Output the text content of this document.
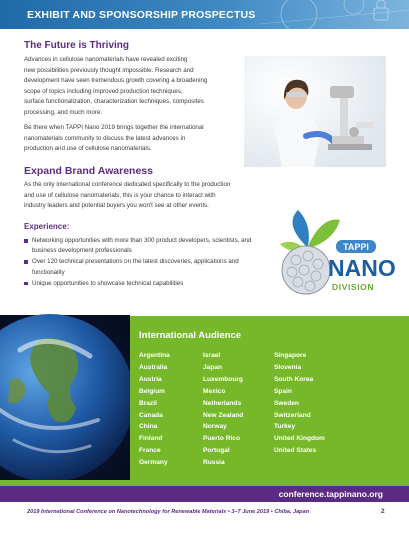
EXHIBIT AND SPONSORSHIP PROSPECTUS
The Future is Thriving

Advances in cellulose nanomaterials have revealed exciting
new possibilities previously thought impossible. Research and
development have seen tremendous growth covering a broadening
scope of topics including improved production techniques,
surface functionalization, characterization techniques, composites
processing, and much more.

Be there when TAPPI Nano 2019 brings together the international
nanomaterials community to discuss the latest advances in
production and use of cellulose nanomaterials.

Expand Brand Awareness

As the only international conference dedicated specifically to the production
and use of cellulose nanomaterials, this is your chance to interact with
industry leaders and potential buyers you won't see at other events.

Experience:
Networking opportunities with more than 300 product developers, scientists, and business development professionals
Over 120 technical presentations on the latest discoveries, applications and functionality
Unique opportunities to showcase technical capabilities
TAPPI
NANO
DIVISION
International Audience
Argentina
Australia
Austria
Belgium
Brazil
Canada
China
Finland
France
Germany
Israel
Japan
Luxembourg
Mexico
Netherlands
New Zealand
Norway
Puerto Rico
Portugal
Russia
Singapore
Slovenia
South Korea
Spain
Sweden
Switzerland
Turkey
United Kingdom
United States
conference.tappinano.org
2019 International Conference on Nanotechnology for Renewable Materials • 3–7 June 2019 • Chiba, Japan	2
